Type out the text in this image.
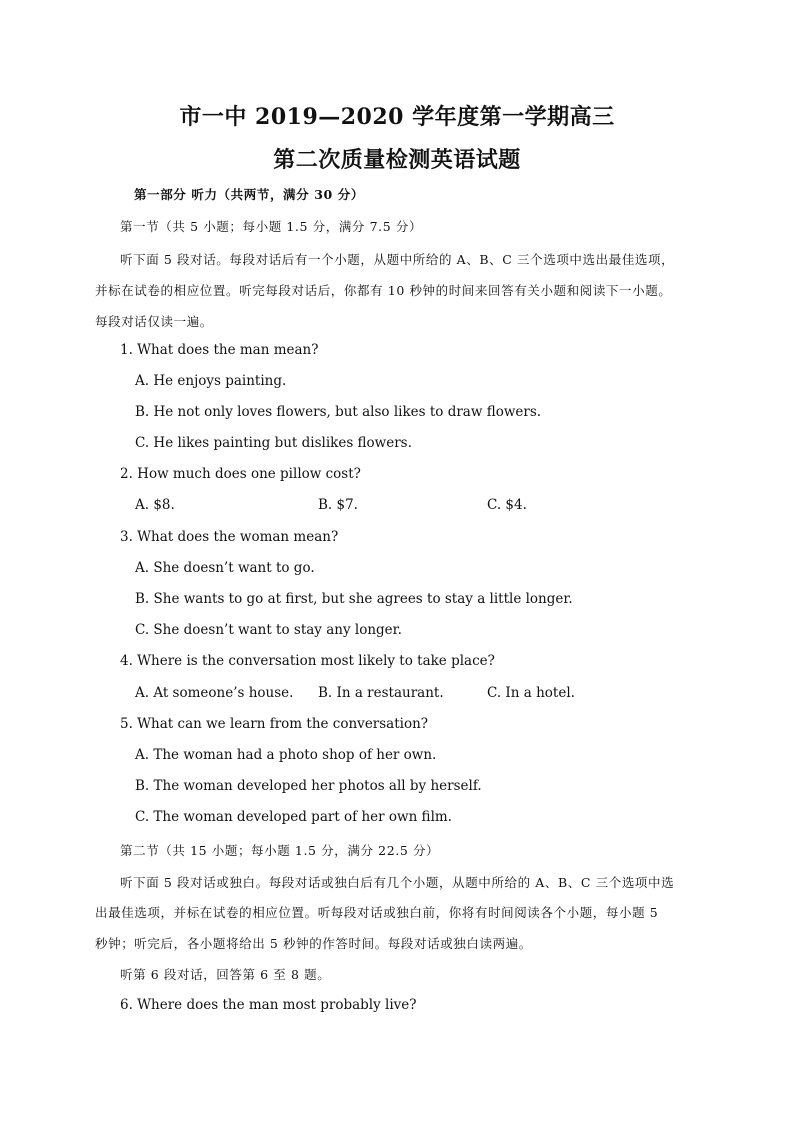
市一中 2019—2020 学年度第一学期高三
第二次质量检测英语试题
第一部分 听力（共两节，满分 30 分）
第一节（共 5 小题；每小题 1.5 分，满分 7.5 分）
听下面 5 段对话。每段对话后有一个小题，从题中所给的 A、B、C 三个选项中选出最佳选项，
并标在试卷的相应位置。听完每段对话后，你都有 10 秒钟的时间来回答有关小题和阅读下一小题。
每段对话仅读一遍。
1. What does the man mean?
A. He enjoys painting.
B. He not only loves flowers, but also likes to draw flowers.
C. He likes painting but dislikes flowers.
2. How much does one pillow cost?
A. $8.	B. $7.	C. $4.
3. What does the woman mean?
A. She doesn’t want to go.
B. She wants to go at first, but she agrees to stay a little longer.
C. She doesn’t want to stay any longer.
4. Where is the conversation most likely to take place?
A. At someone’s house. B. In a restaurant.	C. In a hotel.
5. What can we learn from the conversation?
A. The woman had a photo shop of her own.
B. The woman developed her photos all by herself.
C. The woman developed part of her own film.
第二节（共 15 小题；每小题 1.5 分，满分 22.5 分）
听下面 5 段对话或独白。每段对话或独白后有几个小题，从题中所给的 A、B、C 三个选项中选
出最佳选项，并标在试卷的相应位置。听每段对话或独白前，你将有时间阅读各个小题，每小题 5
秒钟；听完后，各小题将给出 5 秒钟的作答时间。每段对话或独白读两遍。
听第 6 段对话，回答第 6 至 8 题。
6. Where does the man most probably live?
